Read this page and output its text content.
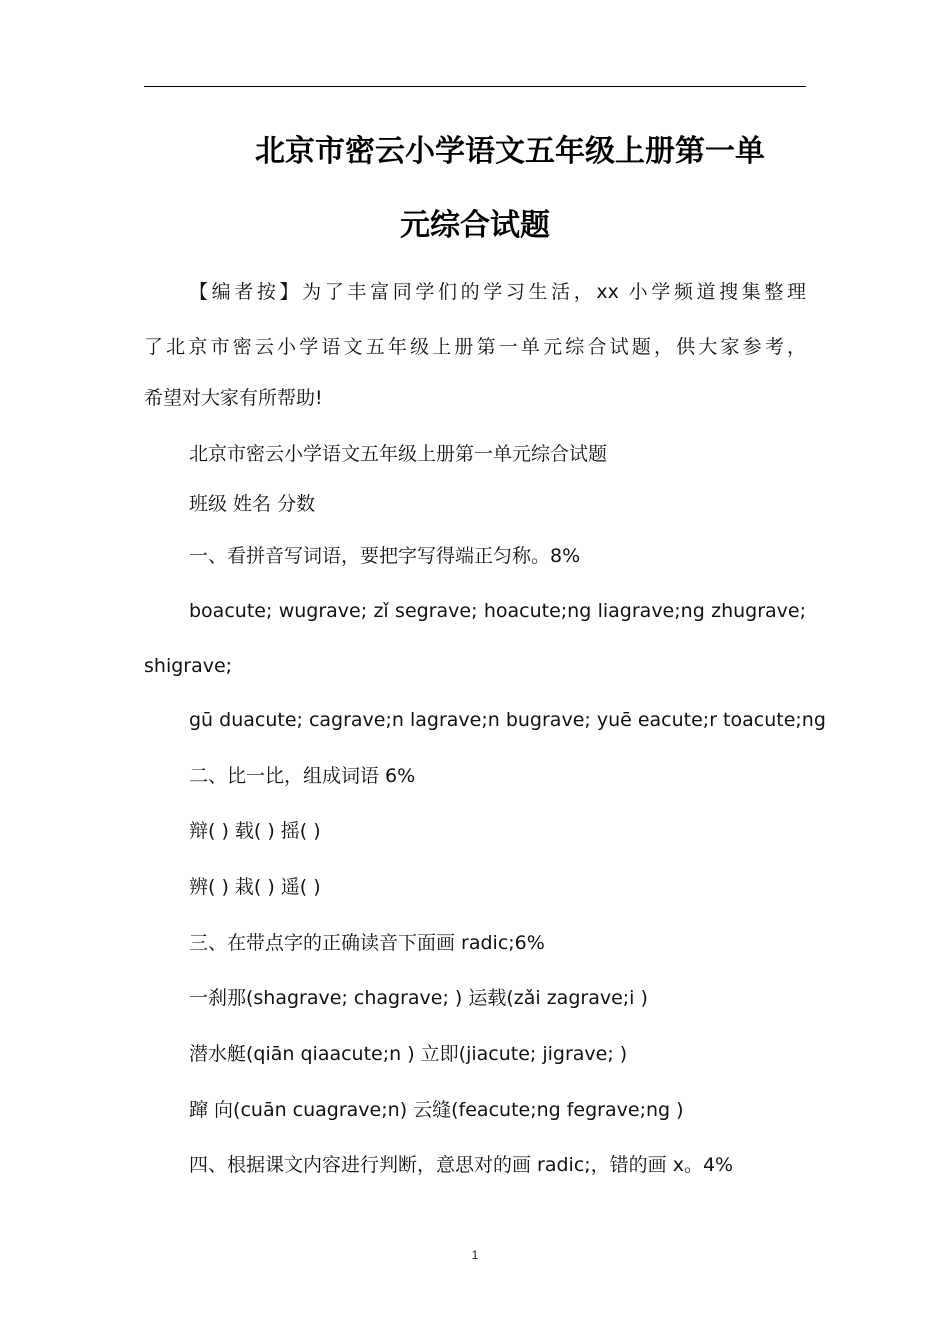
北京市密云小学语文五年级上册第一单
元综合试题
【编者按】为了丰富同学们的学习生活，xx 小学频道搜集整理
了北京市密云小学语文五年级上册第一单元综合试题，供大家参考，
希望对大家有所帮助!
北京市密云小学语文五年级上册第一单元综合试题
班级 姓名 分数
一、看拼音写词语，要把字写得端正匀称。8%
boacute; wugrave; zǐ segrave; hoacute;ng liagrave;ng zhugrave;
shigrave;
gū duacute; cagrave;n lagrave;n bugrave; yuē eacute;r toacute;ng
二、比一比，组成词语 6%
辩( ) 载( ) 摇( )
辨( ) 栽( ) 遥( )
三、在带点字的正确读音下面画 radic;6%
一刹那(shagrave; chagrave; ) 运载(zǎi zagrave;i )
潜水艇(qiān qiaacute;n ) 立即(jiacute; jigrave; )
蹿 向(cuān cuagrave;n) 云缝(feacute;ng fegrave;ng )
四、根据课文内容进行判断，意思对的画 radic;，错的画 x。4%
1
